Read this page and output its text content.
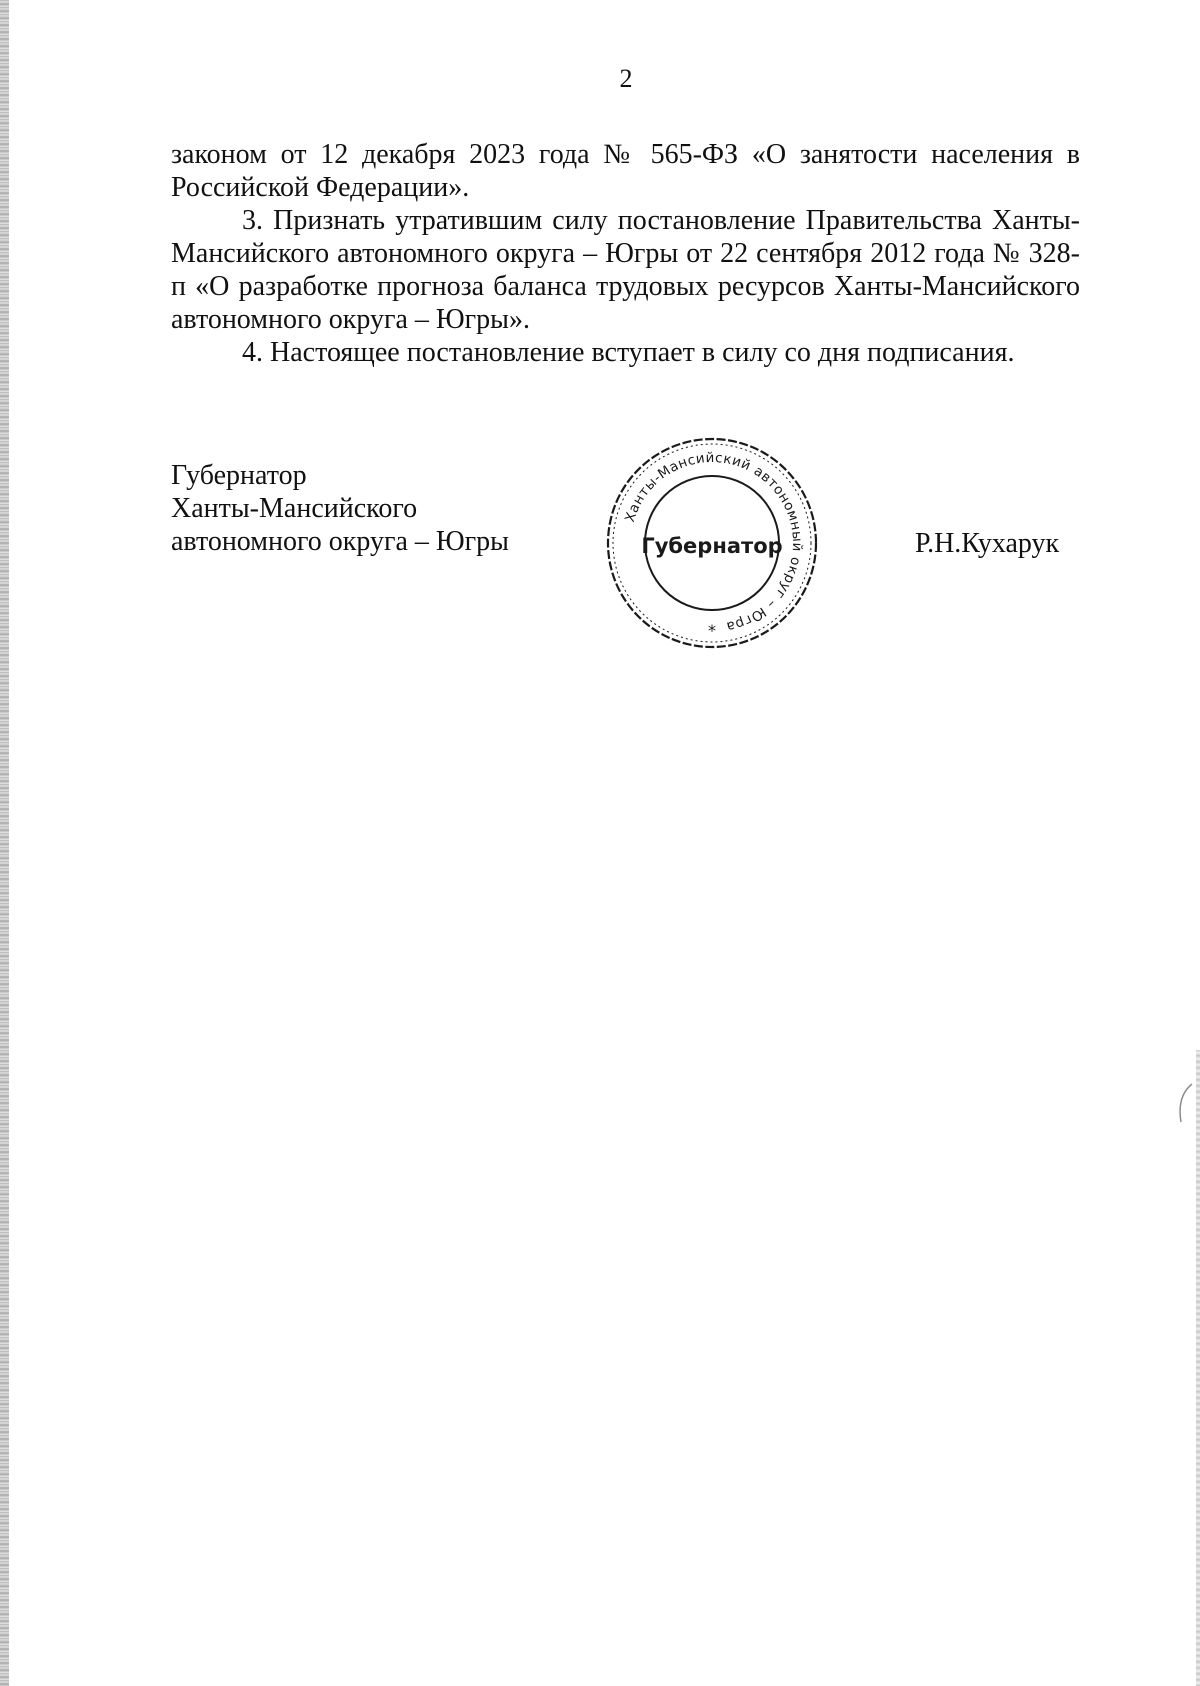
2

законом от 12 декабря 2023 года № 565-ФЗ «О занятости населения в Российской Федерации».

3. Признать утратившим силу постановление Правительства Ханты-Мансийского автономного округа – Югры от 22 сентября 2012 года № 328-п «О разработке прогноза баланса трудовых ресурсов Ханты-Мансийского автономного округа – Югры».

4. Настоящее постановление вступает в силу со дня подписания.

Губернатор
Ханты-Мансийского
автономного округа – Югры
Ханты-Мансийский автономный округ – Югра
Губернатор
*
Р.Н.Кухарук
